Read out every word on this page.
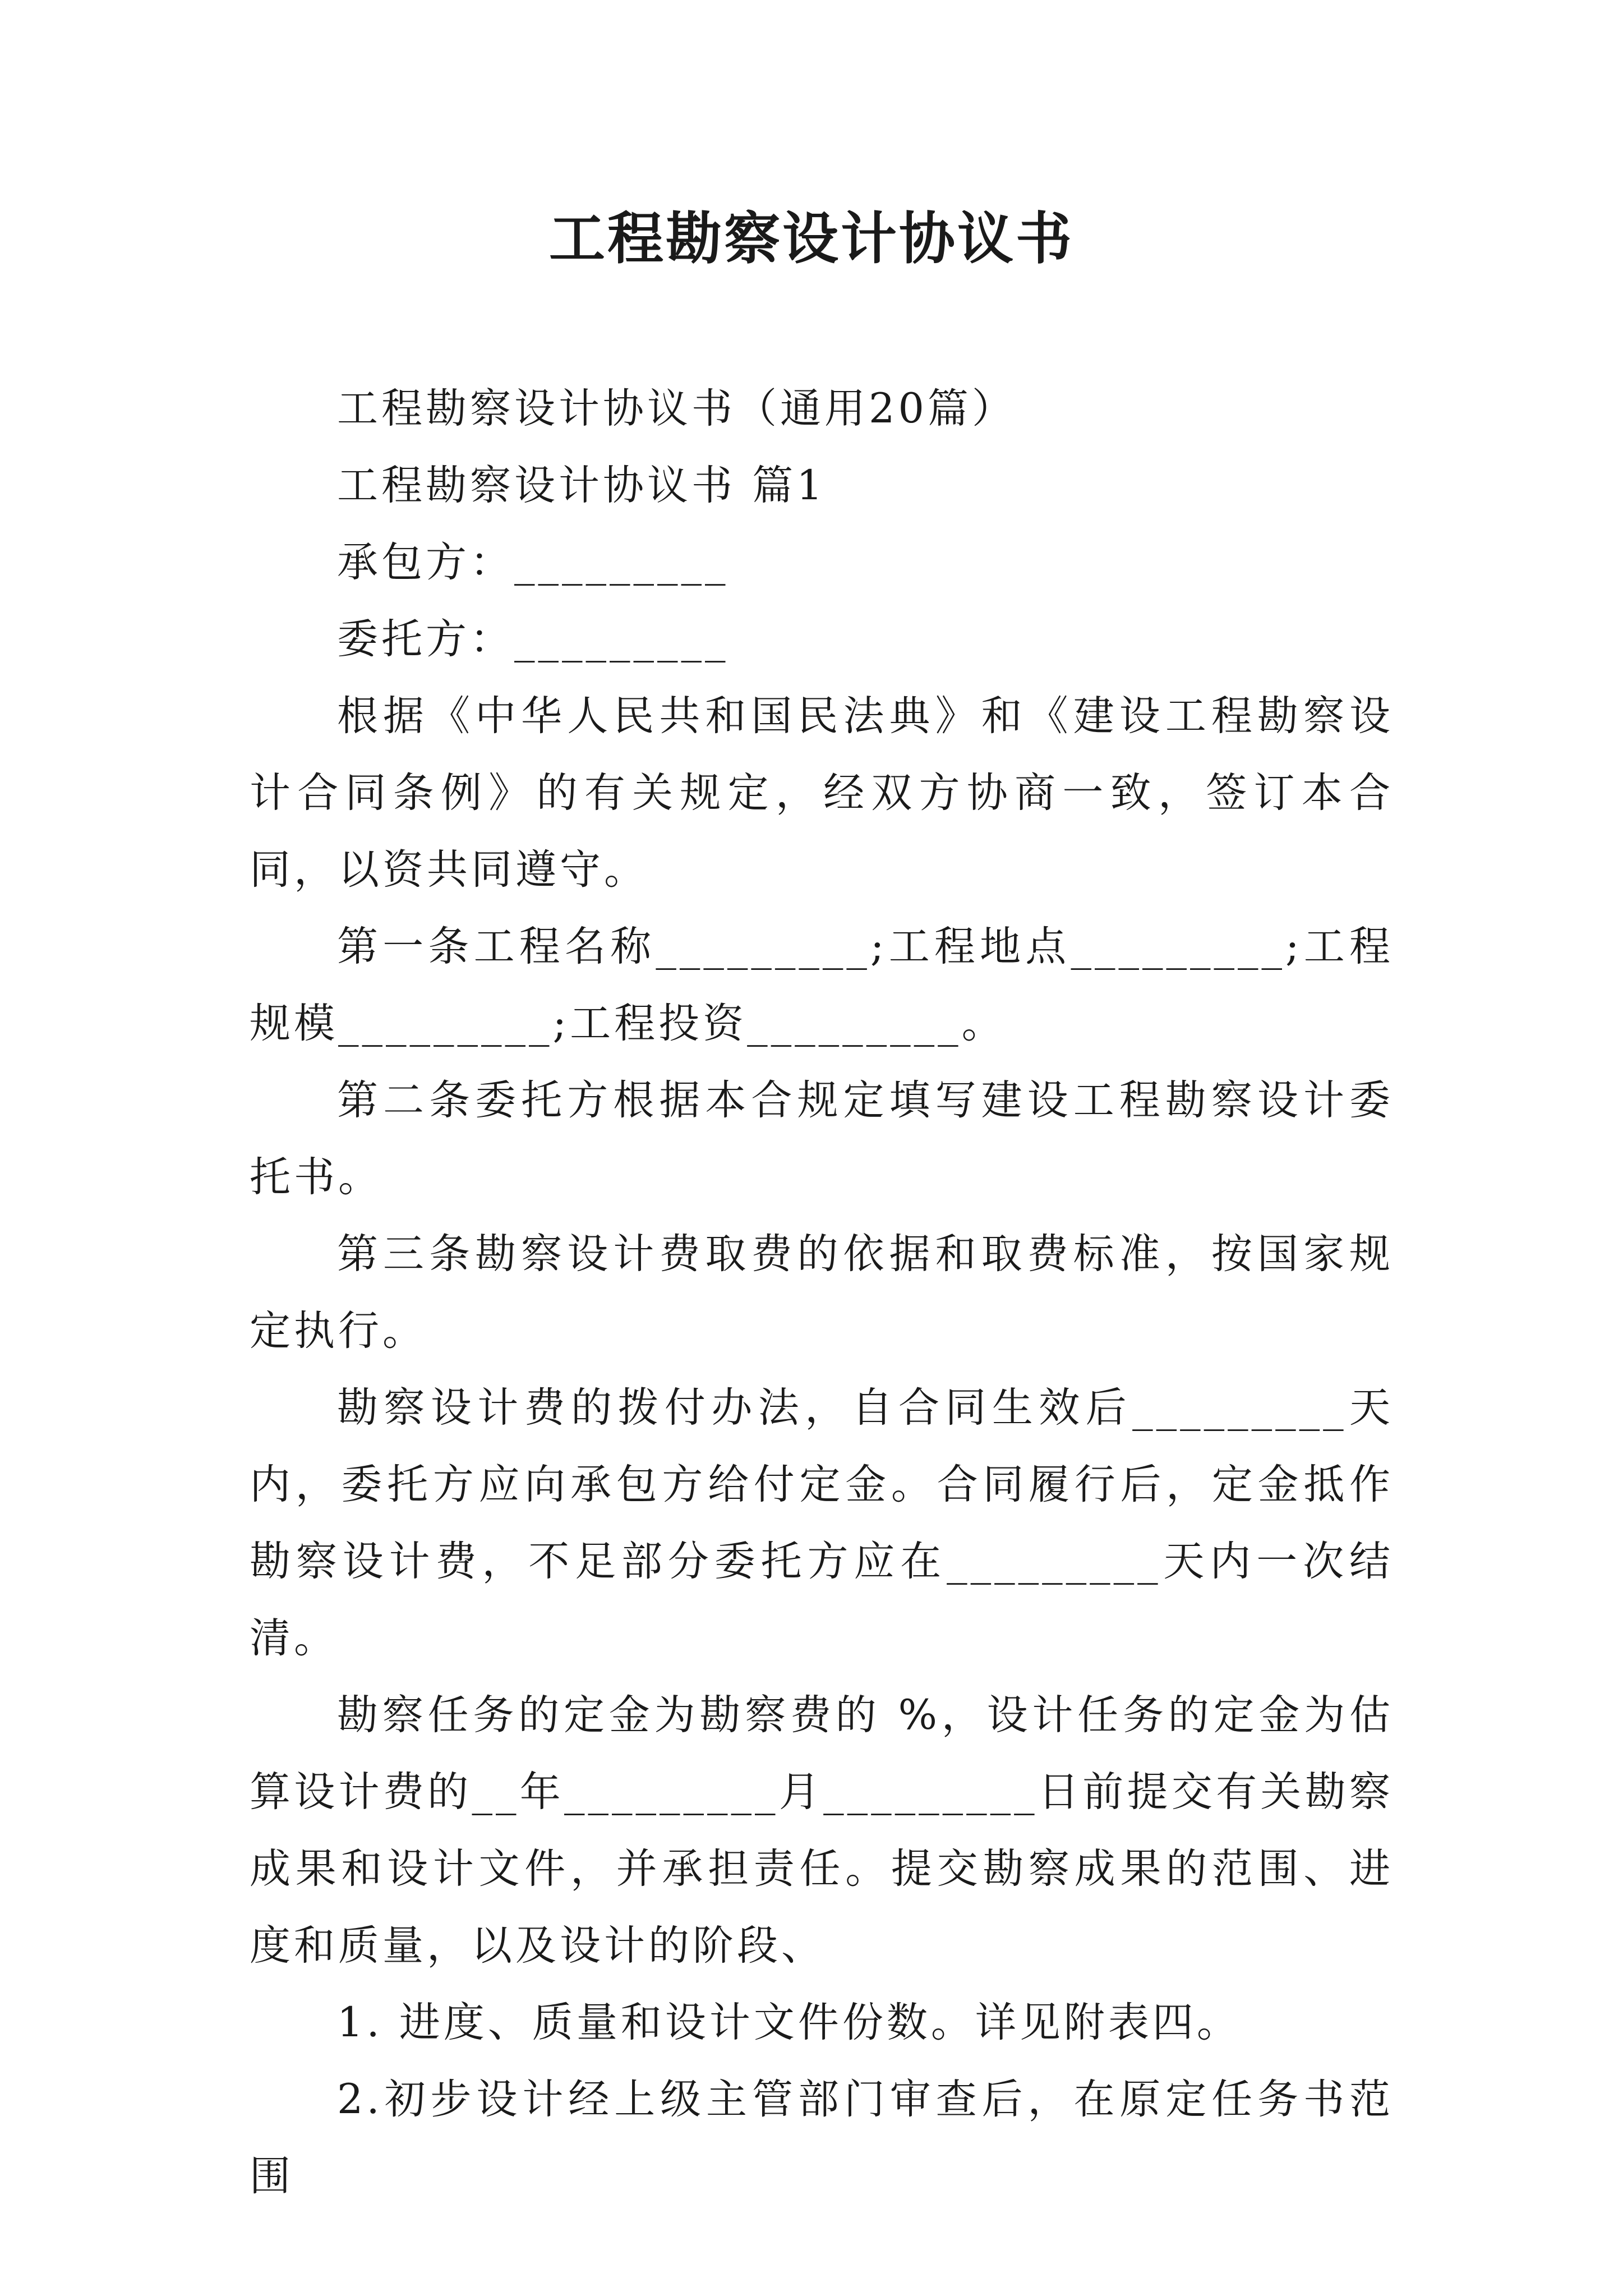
工程勘察设计协议书

工程勘察设计协议书（通用20篇）

工程勘察设计协议书 篇1

承包方：_________

委托方：_________

根据《中华人民共和国民法典》和《建设工程勘察设计合同条例》的有关规定，经双方协商一致，签订本合同，以资共同遵守。

第一条工程名称_________;工程地点_________;工程规模_________;工程投资_________。

第二条委托方根据本合规定填写建设工程勘察设计委托书。

第三条勘察设计费取费的依据和取费标准，按国家规定执行。

勘察设计费的拨付办法，自合同生效后_________天内，委托方应向承包方给付定金。合同履行后，定金抵作勘察设计费，不足部分委托方应在_________天内一次结清。

勘察任务的定金为勘察费的 %，设计任务的定金为估算设计费的__年_________月_________日前提交有关勘察成果和设计文件，并承担责任。提交勘察成果的范围、进度和质量，以及设计的阶段、

1. 进度、质量和设计文件份数。详见附表四。

2.初步设计经上级主管部门审查后，在原定任务书范围
